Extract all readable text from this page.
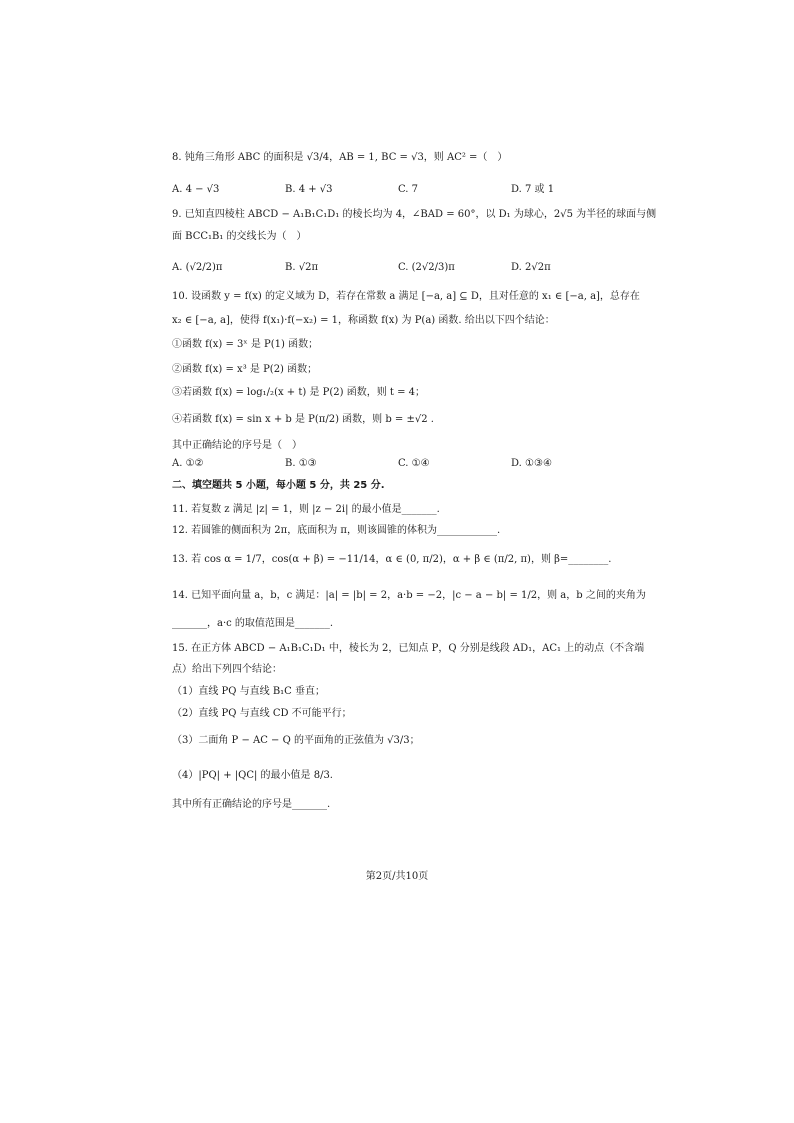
8. 钝角三角形 ABC 的面积是 √3/4，AB = 1, BC = √3，则 AC² =（　）
A. 4 − √3	B. 4 + √3	C. 7	D. 7 或 1
9. 已知直四棱柱 ABCD − A₁B₁C₁D₁ 的棱长均为 4，∠BAD = 60°，以 D₁ 为球心，2√5 为半径的球面与侧
面 BCC₁B₁ 的交线长为（　）
A. (√2/2)π	B. √2π	C. (2√2/3)π	D. 2√2π
10. 设函数 y = f(x) 的定义域为 D，若存在常数 a 满足 [−a, a] ⊆ D，且对任意的 x₁ ∈ [−a, a]，总存在
x₂ ∈ [−a, a]，使得 f(x₁)·f(−x₂) = 1，称函数 f(x) 为 P(a) 函数. 给出以下四个结论：
①函数 f(x) = 3ˣ 是 P(1) 函数；
②函数 f(x) = x³ 是 P(2) 函数；
③若函数 f(x) = log₁/₂(x + t) 是 P(2) 函数，则 t = 4；
④若函数 f(x) = sin x + b 是 P(π/2) 函数，则 b = ±√2 .
其中正确结论的序号是（　）
A. ①②	B. ①③	C. ①④	D. ①③④
二、填空题共 5 小题，每小题 5 分，共 25 分.
11. 若复数 z 满足 |z| = 1，则 |z − 2i| 的最小值是_______.
12. 若圆锥的侧面积为 2π，底面积为 π，则该圆锥的体积为____________.
13. 若 cos α = 1/7，cos(α + β) = −11/14，α ∈ (0, π/2)，α + β ∈ (π/2, π)，则 β=________.
14. 已知平面向量 a，b，c 满足：|a| = |b| = 2，a·b = −2，|c − a − b| = 1/2，则 a，b 之间的夹角为
_______，a·c 的取值范围是_______.
15. 在正方体 ABCD − A₁B₁C₁D₁ 中，棱长为 2，已知点 P，Q 分别是线段 AD₁，AC₁ 上的动点（不含端
点）给出下列四个结论：
（1）直线 PQ 与直线 B₁C 垂直；
（2）直线 PQ 与直线 CD 不可能平行；
（3）二面角 P − AC − Q 的平面角的正弦值为 √3/3；
（4）|PQ| + |QC| 的最小值是 8/3.
其中所有正确结论的序号是_______.
第2页/共10页
